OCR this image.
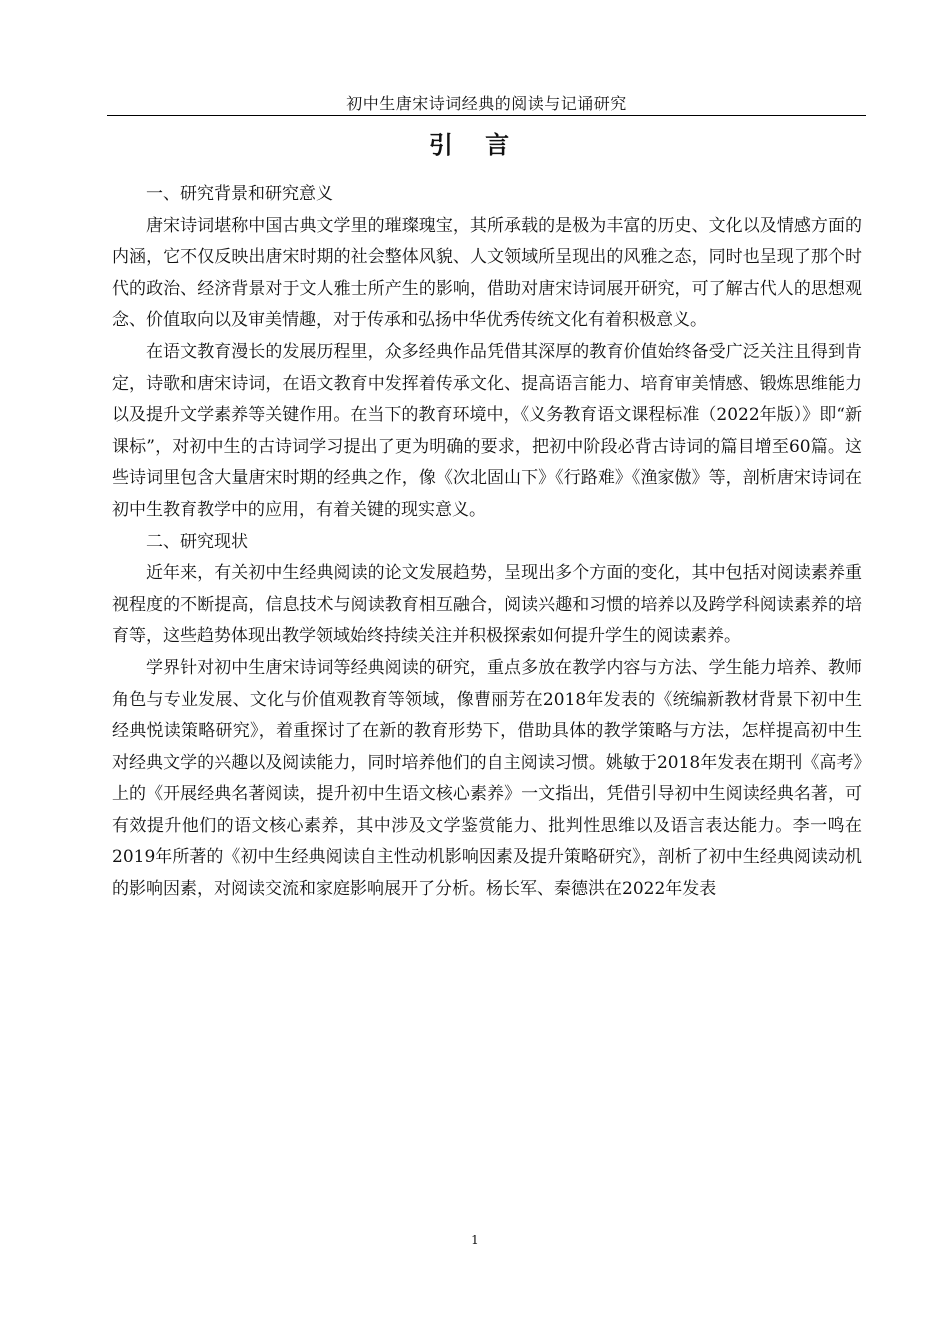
初中生唐宋诗词经典的阅读与记诵研究
引 言

一、研究背景和研究意义

唐宋诗词堪称中国古典文学里的璀璨瑰宝，其所承载的是极为丰富的历史、文化以及情感方面的内涵，它不仅反映出唐宋时期的社会整体风貌、人文领域所呈现出的风雅之态，同时也呈现了那个时代的政治、经济背景对于文人雅士所产生的影响，借助对唐宋诗词展开研究，可了解古代人的思想观念、价值取向以及审美情趣，对于传承和弘扬中华优秀传统文化有着积极意义。

在语文教育漫长的发展历程里，众多经典作品凭借其深厚的教育价值始终备受广泛关注且得到肯定，诗歌和唐宋诗词，在语文教育中发挥着传承文化、提高语言能力、培育审美情感、锻炼思维能力以及提升文学素养等关键作用。在当下的教育环境中，《义务教育语文课程标准（2022年版）》即“新课标”，对初中生的古诗词学习提出了更为明确的要求，把初中阶段必背古诗词的篇目增至60篇。这些诗词里包含大量唐宋时期的经典之作，像《次北固山下》《行路难》《渔家傲》等，剖析唐宋诗词在初中生教育教学中的应用，有着关键的现实意义。

二、研究现状

近年来，有关初中生经典阅读的论文发展趋势，呈现出多个方面的变化，其中包括对阅读素养重视程度的不断提高，信息技术与阅读教育相互融合，阅读兴趣和习惯的培养以及跨学科阅读素养的培育等，这些趋势体现出教学领域始终持续关注并积极探索如何提升学生的阅读素养。

学界针对初中生唐宋诗词等经典阅读的研究，重点多放在教学内容与方法、学生能力培养、教师角色与专业发展、文化与价值观教育等领域，像曹丽芳在2018年发表的《统编新教材背景下初中生经典悦读策略研究》，着重探讨了在新的教育形势下，借助具体的教学策略与方法，怎样提高初中生对经典文学的兴趣以及阅读能力，同时培养他们的自主阅读习惯。姚敏于2018年发表在期刊《高考》上的《开展经典名著阅读，提升初中生语文核心素养》一文指出，凭借引导初中生阅读经典名著，可有效提升他们的语文核心素养，其中涉及文学鉴赏能力、批判性思维以及语言表达能力。李一鸣在2019年所著的《初中生经典阅读自主性动机影响因素及提升策略研究》，剖析了初中生经典阅读动机的影响因素，对阅读交流和家庭影响展开了分析。杨长军、秦德洪在2022年发表

1
